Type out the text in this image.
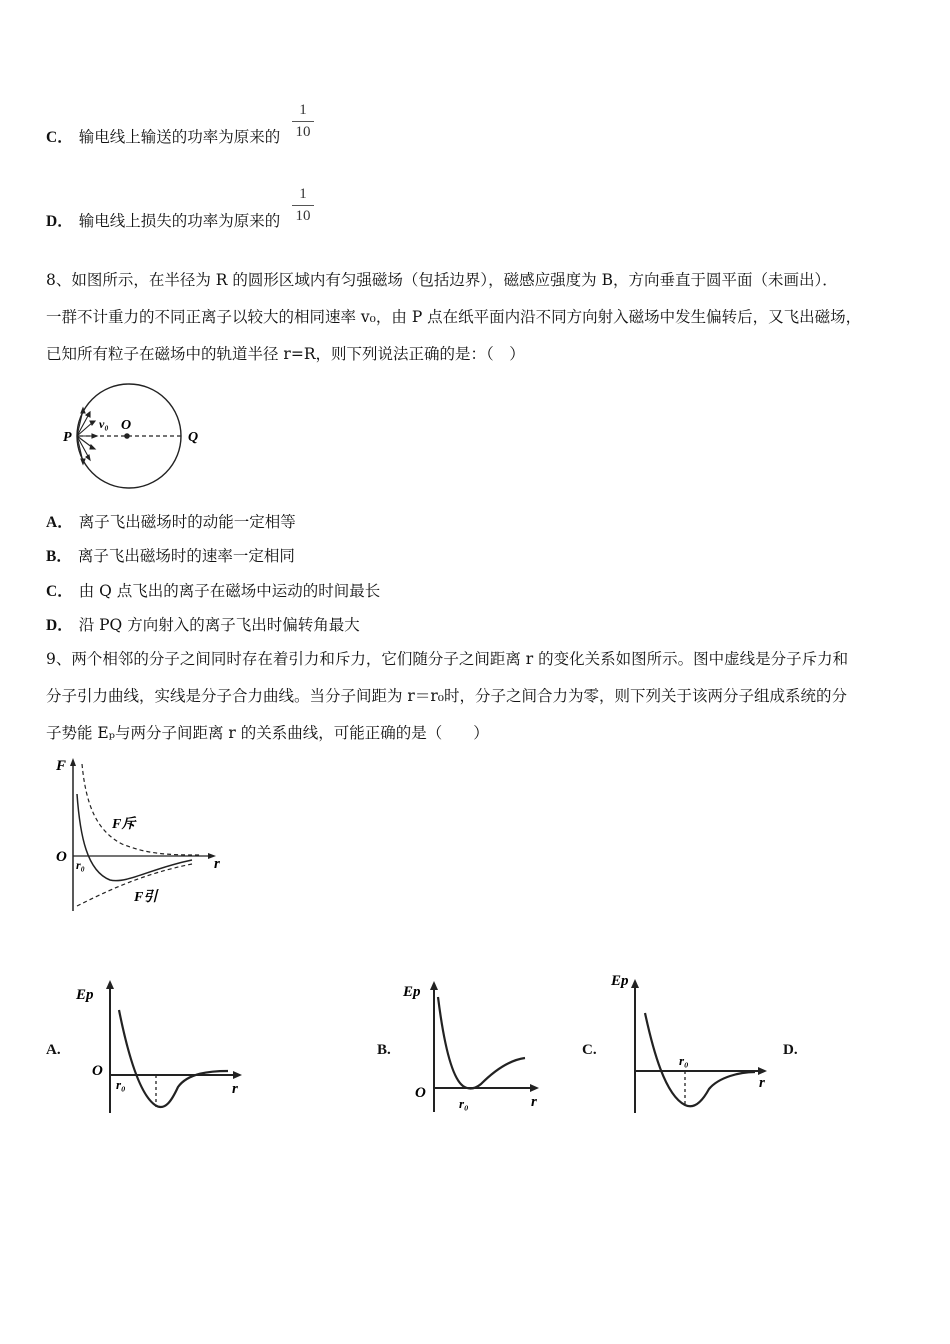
C． 输电线上输送的功率为原来的 $\frac{1}{10}$
D． 输电线上损失的功率为原来的 $\frac{1}{10}$
8、如图所示，在半径为 R 的圆形区域内有匀强磁场（包括边界），磁感应强度为 B，方向垂直于圆平面（未画出）．
一群不计重力的不同正离子以较大的相同速率 v₀，由 P 点在纸平面内沿不同方向射入磁场中发生偏转后，又飞出磁场，
已知所有粒子在磁场中的轨道半径 r=R，则下列说法正确的是：（　）
P
v₀ O
Q
A． 离子飞出磁场时的动能一定相等
B． 离子飞出磁场时的速率一定相同
C． 由 Q 点飞出的离子在磁场中运动的时间最长
D． 沿 PQ 方向射入的离子飞出时偏转角最大
9、两个相邻的分子之间同时存在着引力和斥力，它们随分子之间距离 r 的变化关系如图所示。图中虚线是分子斥力和
分子引力曲线，实线是分子合力曲线。当分子间距为 r＝r₀时，分子之间合力为零，则下列关于该两分子组成系统的分
子势能 Eₚ与两分子间距离 r 的关系曲线，可能正确的是（　　）
F
O r₀	r
F斥
F引
A.
Ep
O
r₀	r
B.
Ep
O
r₀	r
C.
Ep
r₀
r
D.
